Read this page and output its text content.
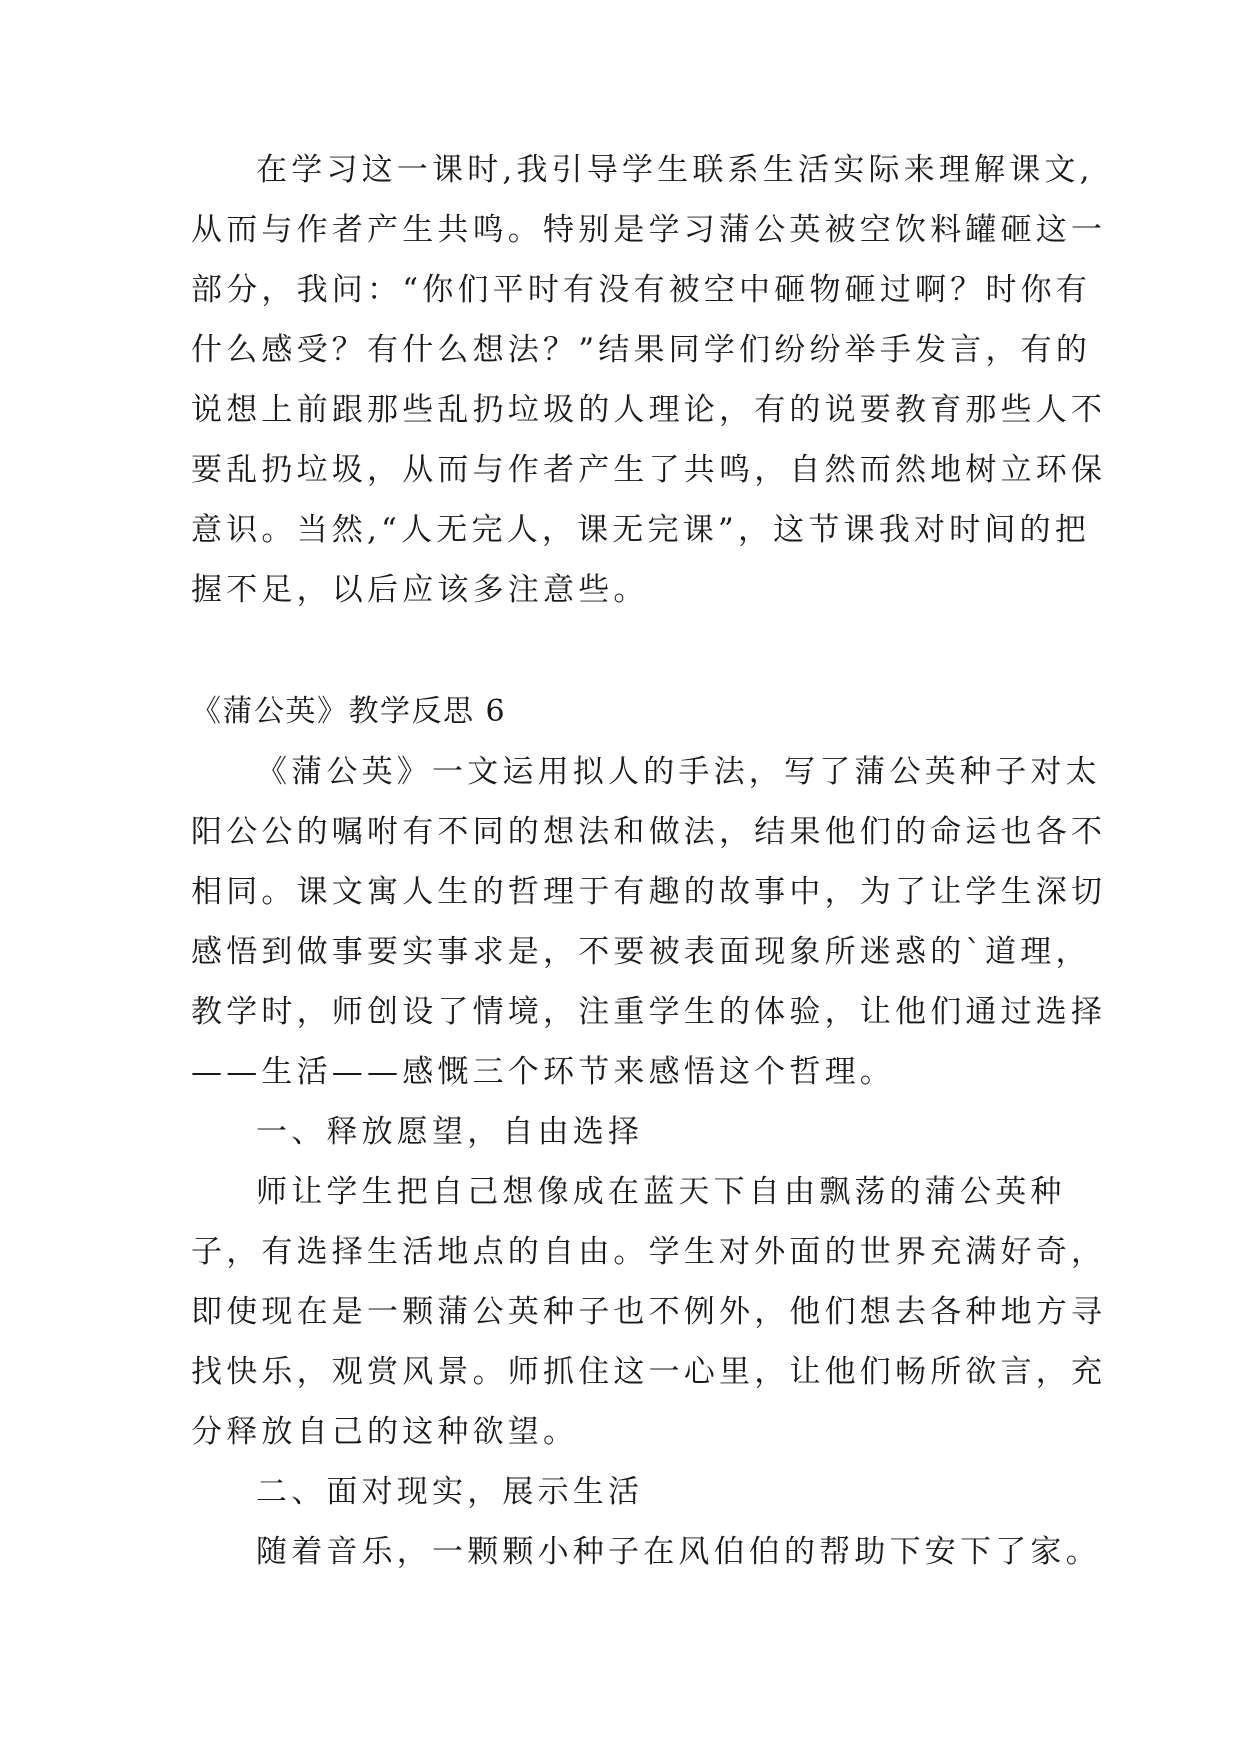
在学习这一课时,我引导学生联系生活实际来理解课文,
从而与作者产生共鸣。特别是学习蒲公英被空饮料罐砸这一
部分，我问：“你们平时有没有被空中砸物砸过啊？时你有
什么感受？有什么想法？”结果同学们纷纷举手发言，有的
说想上前跟那些乱扔垃圾的人理论，有的说要教育那些人不
要乱扔垃圾，从而与作者产生了共鸣，自然而然地树立环保
意识。当然,“人无完人，课无完课”，这节课我对时间的把
握不足，以后应该多注意些。
《蒲公英》教学反思 6
《蒲公英》一文运用拟人的手法，写了蒲公英种子对太
阳公公的嘱咐有不同的想法和做法，结果他们的命运也各不
相同。课文寓人生的哲理于有趣的故事中，为了让学生深切
感悟到做事要实事求是，不要被表面现象所迷惑的`道理，
教学时，师创设了情境，注重学生的体验，让他们通过选择
——生活——感慨三个环节来感悟这个哲理。
一、释放愿望，自由选择
师让学生把自己想像成在蓝天下自由飘荡的蒲公英种
子，有选择生活地点的自由。学生对外面的世界充满好奇，
即使现在是一颗蒲公英种子也不例外，他们想去各种地方寻
找快乐，观赏风景。师抓住这一心里，让他们畅所欲言，充
分释放自己的这种欲望。
二、面对现实，展示生活
随着音乐，一颗颗小种子在风伯伯的帮助下安下了家。
